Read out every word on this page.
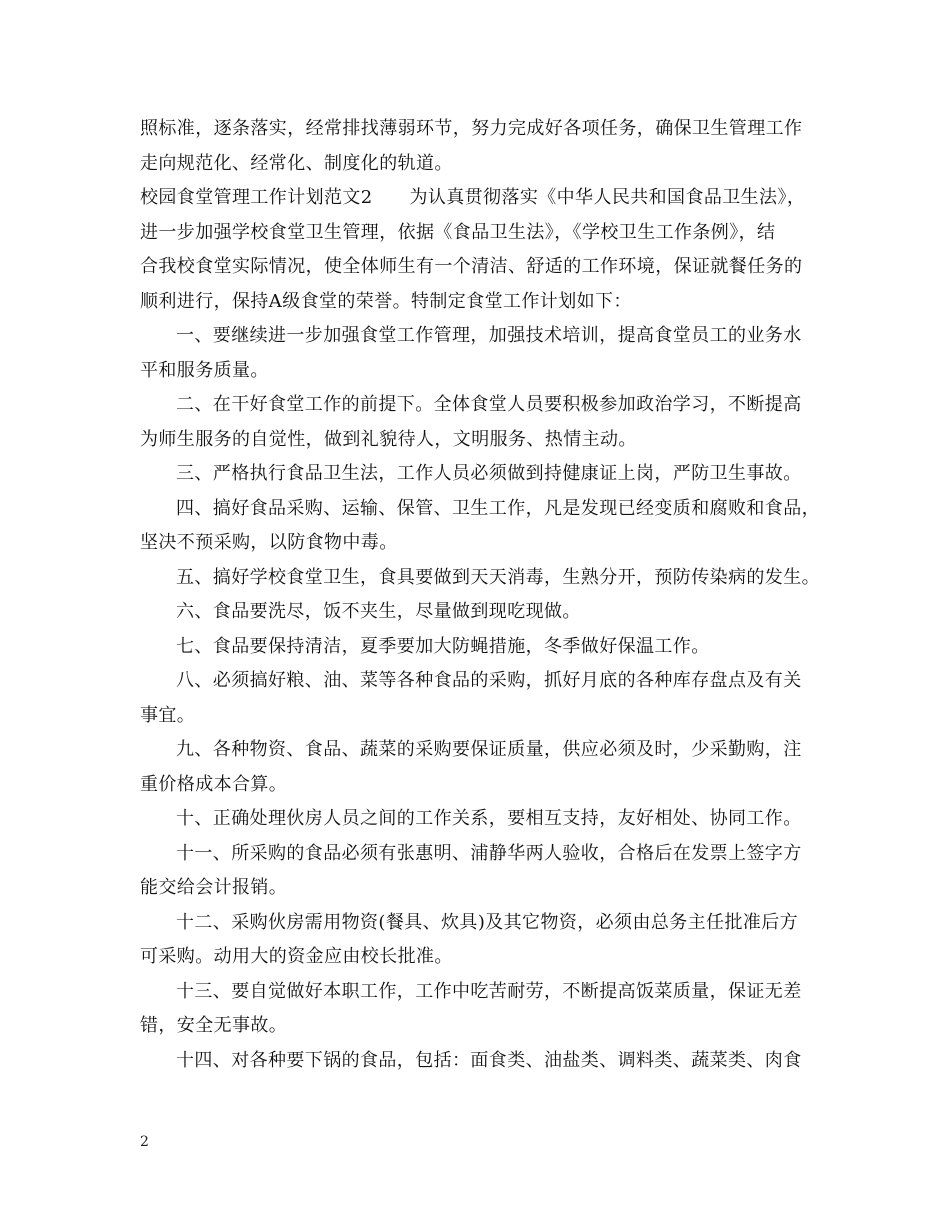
照标准，逐条落实，经常排找薄弱环节，努力完成好各项任务，确保卫生管理工作
走向规范化、经常化、制度化的轨道。
校园食堂管理工作计划范文2　　为认真贯彻落实《中华人民共和国食品卫生法》，
进一步加强学校食堂卫生管理，依据《食品卫生法》，《学校卫生工作条例》，结
合我校食堂实际情况，使全体师生有一个清洁、舒适的工作环境，保证就餐任务的
顺利进行，保持A级食堂的荣誉。特制定食堂工作计划如下：
一、要继续进一步加强食堂工作管理，加强技术培训，提高食堂员工的业务水
平和服务质量。
二、在干好食堂工作的前提下。全体食堂人员要积极参加政治学习，不断提高
为师生服务的自觉性，做到礼貌待人，文明服务、热情主动。
三、严格执行食品卫生法，工作人员必须做到持健康证上岗，严防卫生事故。
四、搞好食品采购、运输、保管、卫生工作，凡是发现已经变质和腐败和食品，
坚决不预采购，以防食物中毒。
五、搞好学校食堂卫生，食具要做到天天消毒，生熟分开，预防传染病的发生。
六、食品要洗尽，饭不夹生，尽量做到现吃现做。
七、食品要保持清洁，夏季要加大防蝇措施，冬季做好保温工作。
八、必须搞好粮、油、菜等各种食品的采购，抓好月底的各种库存盘点及有关
事宜。
九、各种物资、食品、蔬菜的采购要保证质量，供应必须及时，少采勤购，注
重价格成本合算。
十、正确处理伙房人员之间的工作关系，要相互支持，友好相处、协同工作。
十一、所采购的食品必须有张惠明、浦静华两人验收，合格后在发票上签字方
能交给会计报销。
十二、采购伙房需用物资(餐具、炊具)及其它物资，必须由总务主任批准后方
可采购。动用大的资金应由校长批准。
十三、要自觉做好本职工作，工作中吃苦耐劳，不断提高饭菜质量，保证无差
错，安全无事故。
十四、对各种要下锅的食品，包括：面食类、油盐类、调料类、蔬菜类、肉食
2
